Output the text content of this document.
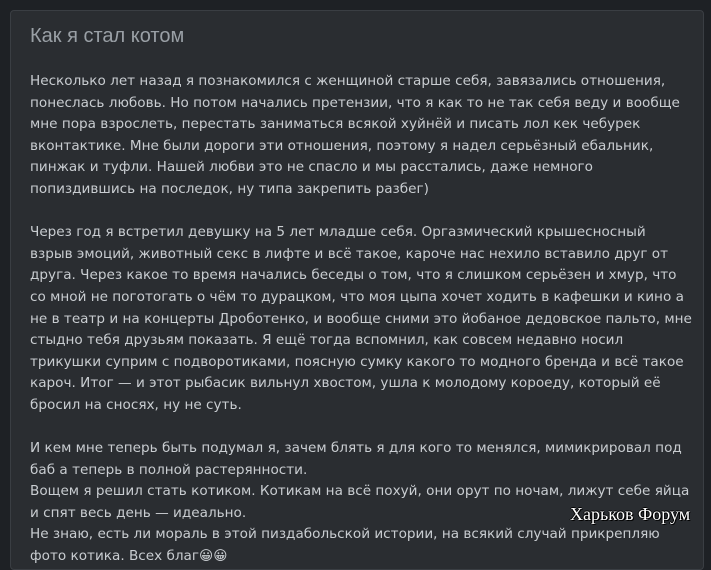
Как я стал котом

Несколько лет назад я познакомился с женщиной старше себя, завязались отношения, понеслась любовь. Но потом начались претензии, что я как то не так себя веду и вообще мне пора взрослеть, перестать заниматься всякой хуйнёй и писать лол кек чебурек вконтактике. Мне были дороги эти отношения, поэтому я надел серьёзный ебальник, пинжак и туфли. Нашей любви это не спасло и мы расстались, даже немного попиздившись на последок, ну типа закрепить разбег)

Через год я встретил девушку на 5 лет младше себя. Оргазмический крышесносный взрыв эмоций, животный секс в лифте и всё такое, кароче нас нехило вставило друг от друга. Через какое то время начались беседы о том, что я слишком серьёзен и хмур, что со мной не поготогать о чём то дурацком, что моя цыпа хочет ходить в кафешки и кино а не в театр и на концерты Дроботенко, и вообще сними это йобаное дедовское пальто, мне стыдно тебя друзьям показать. Я ещё тогда вспомнил, как совсем недавно носил трикушки суприм с подворотиками, поясную сумку какого то модного бренда и всё такое кароч. Итог — и этот рыбасик вильнул хвостом, ушла к молодому короеду, который её бросил на сносях, ну не суть.

И кем мне теперь быть подумал я, зачем блять я для кого то менялся, мимикрировал под баб а теперь в полной растерянности.

Вощем я решил стать котиком. Котикам на всё похуй, они орут по ночам, лижут себе яйца и спят весь день — идеально.

Не знаю, есть ли мораль в этой пиздабольской истории, на всякий случай прикрепляю фото котика. Всех благ😀😀

Харьков Форум
